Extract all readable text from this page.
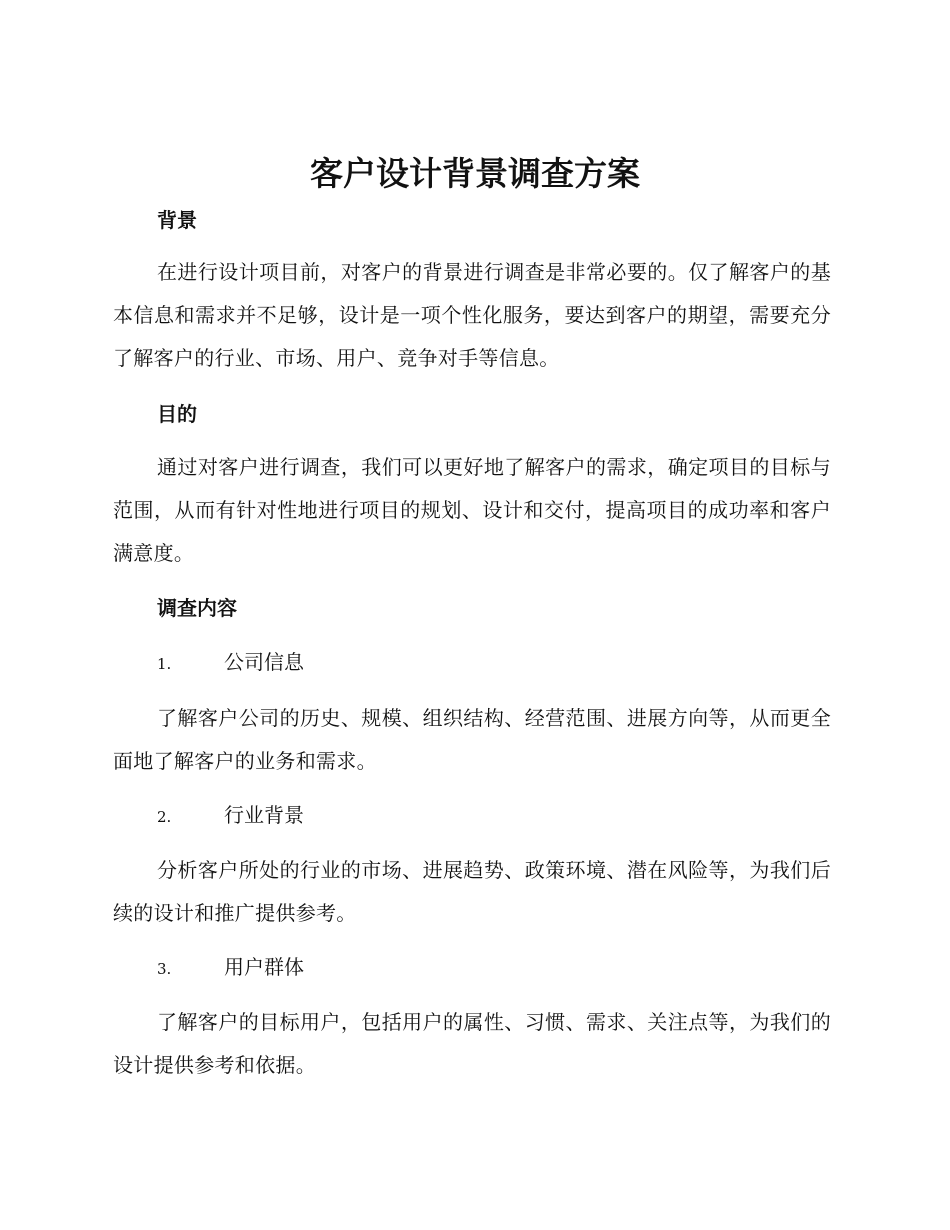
客户设计背景调查方案
背景

在进行设计项目前，对客户的背景进行调查是非常必要的。仅了解客户的基本信息和需求并不足够，设计是一项个性化服务，要达到客户的期望，需要充分了解客户的行业、市场、用户、竞争对手等信息。

目的

通过对客户进行调查，我们可以更好地了解客户的需求，确定项目的目标与范围，从而有针对性地进行项目的规划、设计和交付，提高项目的成功率和客户满意度。

调查内容
1.	公司信息

了解客户公司的历史、规模、组织结构、经营范围、进展方向等，从而更全面地了解客户的业务和需求。

2.	行业背景

分析客户所处的行业的市场、进展趋势、政策环境、潜在风险等，为我们后续的设计和推广提供参考。

3.	用户群体

了解客户的目标用户，包括用户的属性、习惯、需求、关注点等，为我们的设计提供参考和依据。
